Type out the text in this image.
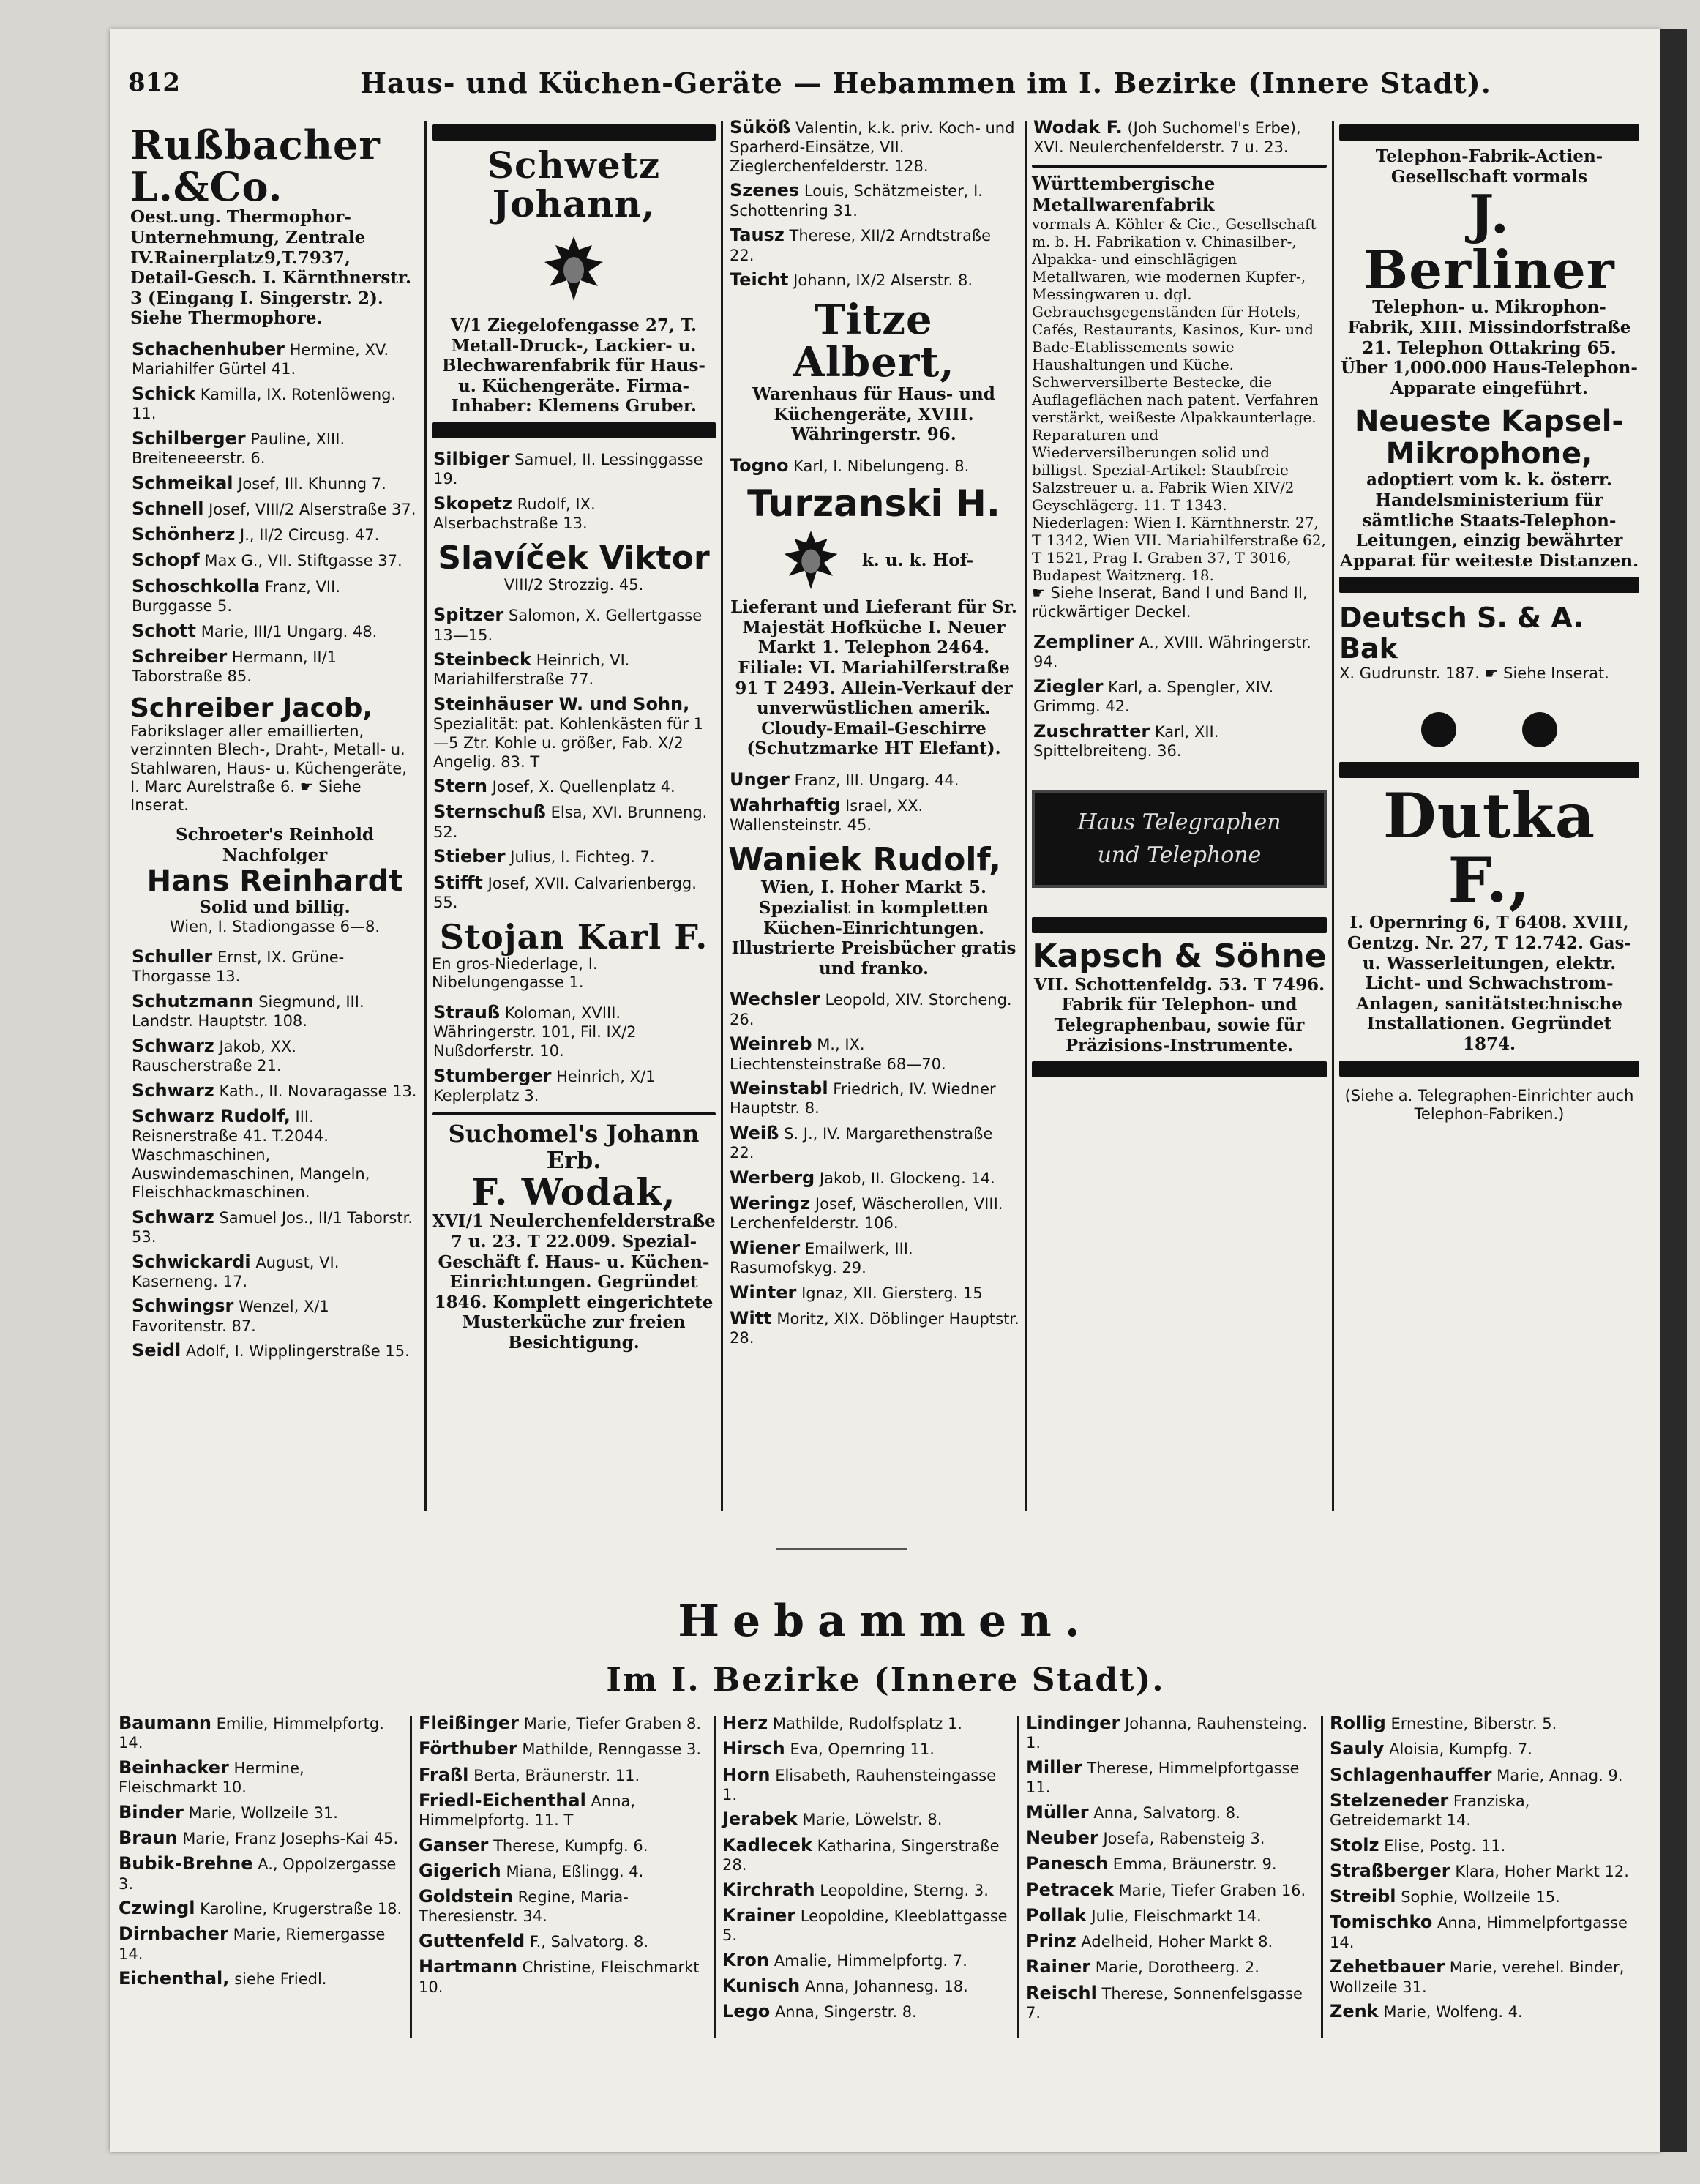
812	Haus- und Küchen-Geräte — Hebammen im I. Bezirke (Innere Stadt).
Rußbacher L.&Co.
Oest.ung. Thermophor-Unternehmung, Zentrale IV.Rainerplatz9,T.7937, Detail-Gesch. I. Kärnthnerstr. 3 (Eingang I. Singerstr. 2). Siehe Thermophore.
Schachenhuber Hermine, XV. Mariahilfer Gürtel 41.
Schick Kamilla, IX. Rotenlöweng. 11.
Schilberger Pauline, XIII. Breiteneeerstr. 6.
Schmeikal Josef, III. Khunng 7.
Schnell Josef, VIII/2 Alserstraße 37.
Schönherz J., II/2 Circusg. 47.
Schopf Max G., VII. Stiftgasse 37.
Schoschkolla Franz, VII. Burggasse 5.
Schott Marie, III/1 Ungarg. 48.
Schreiber Hermann, II/1 Taborstraße 85.
Schreiber Jacob,
Fabrikslager aller emaillierten, verzinnten Blech-, Draht-, Metall- u. Stahlwaren, Haus- u. Küchengeräte, I. Marc Aurelstraße 6. ☛ Siehe Inserat.
Schroeter's Reinhold Nachfolger
Hans Reinhardt
Solid und billig.
Wien, I. Stadiongasse 6—8.
Schuller Ernst, IX. Grüne-Thorgasse 13.
Schutzmann Siegmund, III. Landstr. Hauptstr. 108.
Schwarz Jakob, XX. Rauscherstraße 21.
Schwarz Kath., II. Novaragasse 13.
Schwarz Rudolf, III. Reisnerstraße 41. T.2044. Waschmaschinen, Auswindemaschinen, Mangeln, Fleischhackmaschinen.
Schwarz Samuel Jos., II/1 Taborstr. 53.
Schwickardi August, VI. Kaserneng. 17.
Schwingsr Wenzel, X/1 Favoritenstr. 87.
Seidl Adolf, I. Wipplingerstraße 15.
Schwetz Johann,
V/1 Ziegelofengasse 27, T. Metall-Druck-, Lackier- u. Blechwarenfabrik für Haus- u. Küchengeräte. Firma-Inhaber: Klemens Gruber.
Silbiger Samuel, II. Lessinggasse 19.
Skopetz Rudolf, IX. Alserbachstraße 13.
Slavíček Viktor
VIII/2 Strozzig. 45.
Spitzer Salomon, X. Gellertgasse 13—15.
Steinbeck Heinrich, VI. Mariahilferstraße 77.
Steinhäuser W. und Sohn, Spezialität: pat. Kohlenkästen für 1—5 Ztr. Kohle u. größer, Fab. X/2 Angelig. 83. T
Stern Josef, X. Quellenplatz 4.
Sternschuß Elsa, XVI. Brunneng. 52.
Stieber Julius, I. Fichteg. 7.
Stifft Josef, XVII. Calvarienbergg. 55.
Stojan Karl F.
En gros-Niederlage, I. Nibelungengasse 1.
Strauß Koloman, XVIII. Währingerstr. 101, Fil. IX/2 Nußdorferstr. 10.
Stumberger Heinrich, X/1 Keplerplatz 3.
Suchomel's Johann Erb.
F. Wodak,
XVI/1 Neulerchenfelderstraße 7 u. 23. T 22.009. Spezial-Geschäft f. Haus- u. Küchen-Einrichtungen. Gegründet 1846. Komplett eingerichtete Musterküche zur freien Besichtigung.
Süköß Valentin, k.k. priv. Koch- und Sparherd-Einsätze, VII. Zieglerchenfelderstr. 128.
Szenes Louis, Schätzmeister, I. Schottenring 31.
Tausz Therese, XII/2 Arndtstraße 22.
Teicht Johann, IX/2 Alserstr. 8.
Titze Albert,
Warenhaus für Haus- und Küchengeräte, XVIII. Währingerstr. 96.
Togno Karl, I. Nibelungeng. 8.
Turzanski H.
k. u. k. Hof-
Lieferant und Lieferant für Sr. Majestät Hofküche I. Neuer Markt 1. Telephon 2464. Filiale: VI. Mariahilferstraße 91 T 2493. Allein-Verkauf der unverwüstlichen amerik. Cloudy-Email-Geschirre (Schutzmarke HT Elefant).
Unger Franz, III. Ungarg. 44.
Wahrhaftig Israel, XX. Wallensteinstr. 45.
Waniek Rudolf,
Wien, I. Hoher Markt 5. Spezialist in kompletten Küchen-Einrichtungen. Illustrierte Preisbücher gratis und franko.
Wechsler Leopold, XIV. Storcheng. 26.
Weinreb M., IX. Liechtensteinstraße 68—70.
Weinstabl Friedrich, IV. Wiedner Hauptstr. 8.
Weiß S. J., IV. Margarethenstraße 22.
Werberg Jakob, II. Glockeng. 14.
Weringz Josef, Wäscherollen, VIII. Lerchenfelderstr. 106.
Wiener Emailwerk, III. Rasumofskyg. 29.
Winter Ignaz, XII. Giersterg. 15
Witt Moritz, XIX. Döblinger Hauptstr. 28.
Wodak F. (Joh Suchomel's Erbe), XVI. Neulerchenfelderstr. 7 u. 23.
Württembergische Metallwarenfabrik
vormals A. Köhler & Cie., Gesellschaft m. b. H. Fabrikation v. Chinasilber-, Alpakka- und einschlägigen Metallwaren, wie modernen Kupfer-, Messingwaren u. dgl. Gebrauchsgegenständen für Hotels, Cafés, Restaurants, Kasinos, Kur- und Bade-Etablissements sowie Haushaltungen und Küche. Schwerversilberte Bestecke, die Auflageflächen nach patent. Verfahren verstärkt, weißeste Alpakkaunterlage. Reparaturen und Wiederversilberungen solid und billigst. Spezial-Artikel: Staubfreie Salzstreuer u. a. Fabrik Wien XIV/2 Geyschlägerg. 11. T 1343. Niederlagen: Wien I. Kärnthnerstr. 27, T 1342, Wien VII. Mariahilferstraße 62, T 1521, Prag I. Graben 37, T 3016, Budapest Waitznerg. 18.
☛ Siehe Inserat, Band I und Band II, rückwärtiger Deckel.
Zempliner A., XVIII. Währingerstr. 94.
Ziegler Karl, a. Spengler, XIV. Grimmg. 42.
Zuschratter Karl, XII. Spittelbreiteng. 36.
Haus Telegraphen
und Telephone
Kapsch & Söhne
VII. Schottenfeldg. 53. T 7496. Fabrik für Telephon- und Telegraphenbau, sowie für Präzisions-Instrumente.
Telephon-Fabrik-Actien-Gesellschaft vormals
J. Berliner
Telephon- u. Mikrophon-Fabrik, XIII. Missindorfstraße 21. Telephon Ottakring 65. Über 1,000.000 Haus-Telephon-Apparate eingeführt.
Neueste Kapsel-Mikrophone,
adoptiert vom k. k. österr. Handelsministerium für sämtliche Staats-Telephon-Leitungen, einzig bewährter Apparat für weiteste Distanzen.
Deutsch S. & A. Bak
X. Gudrunstr. 187. ☛ Siehe Inserat.
Dutka F.,
I. Opernring 6, T 6408. XVIII, Gentzg. Nr. 27, T 12.742. Gas- u. Wasserleitungen, elektr. Licht- und Schwachstrom-Anlagen, sanitätstechnische Installationen. Gegründet 1874.
(Siehe a. Telegraphen-Einrichter auch Telephon-Fabriken.)
Hebammen.
Im I. Bezirke (Innere Stadt).
Baumann Emilie, Himmelpfortg. 14.
Beinhacker Hermine, Fleischmarkt 10.
Binder Marie, Wollzeile 31.
Braun Marie, Franz Josephs-Kai 45.
Bubik-Brehne A., Oppolzergasse 3.
Czwingl Karoline, Krugerstraße 18.
Dirnbacher Marie, Riemergasse 14.
Eichenthal, siehe Friedl.
Fleißinger Marie, Tiefer Graben 8.
Förthuber Mathilde, Renngasse 3.
Fraßl Berta, Bräunerstr. 11.
Friedl-Eichenthal Anna, Himmelpfortg. 11. T
Ganser Therese, Kumpfg. 6.
Gigerich Miana, Eßlingg. 4.
Goldstein Regine, Maria-Theresienstr. 34.
Guttenfeld F., Salvatorg. 8.
Hartmann Christine, Fleischmarkt 10.
Herz Mathilde, Rudolfsplatz 1.
Hirsch Eva, Opernring 11.
Horn Elisabeth, Rauhensteingasse 1.
Jerabek Marie, Löwelstr. 8.
Kadlecek Katharina, Singerstraße 28.
Kirchrath Leopoldine, Sterng. 3.
Krainer Leopoldine, Kleeblattgasse 5.
Kron Amalie, Himmelpfortg. 7.
Kunisch Anna, Johannesg. 18.
Lego Anna, Singerstr. 8.
Lindinger Johanna, Rauhensteing. 1.
Miller Therese, Himmelpfortgasse 11.
Müller Anna, Salvatorg. 8.
Neuber Josefa, Rabensteig 3.
Panesch Emma, Bräunerstr. 9.
Petracek Marie, Tiefer Graben 16.
Pollak Julie, Fleischmarkt 14.
Prinz Adelheid, Hoher Markt 8.
Rainer Marie, Dorotheerg. 2.
Reischl Therese, Sonnenfelsgasse 7.
Rollig Ernestine, Biberstr. 5.
Sauly Aloisia, Kumpfg. 7.
Schlagenhauffer Marie, Annag. 9.
Stelzeneder Franziska, Getreidemarkt 14.
Stolz Elise, Postg. 11.
Straßberger Klara, Hoher Markt 12.
Streibl Sophie, Wollzeile 15.
Tomischko Anna, Himmelpfortgasse 14.
Zehetbauer Marie, verehel. Binder, Wollzeile 31.
Zenk Marie, Wolfeng. 4.
